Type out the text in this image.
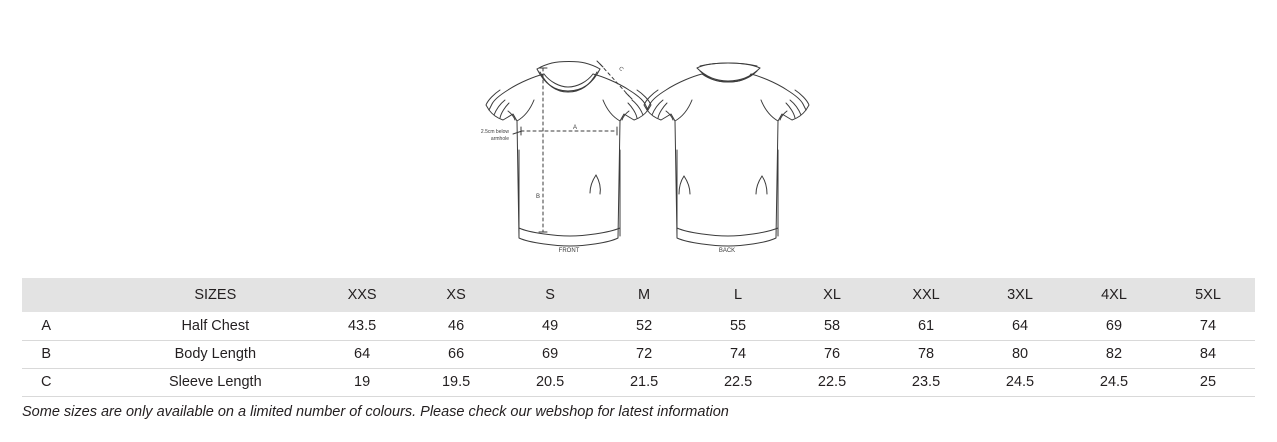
A
B
C
2.5cm below
armhole
FRONT	BACK
	SIZES	XXS	XS	S	M	L	XL	XXL	3XL	4XL	5XL
A	Half Chest	43.5	46	49	52	55	58	61	64	69	74
B	Body Length	64	66	69	72	74	76	78	80	82	84
C	Sleeve Length	19	19.5	20.5	21.5	22.5	22.5	23.5	24.5	24.5	25
Some sizes are only available on a limited number of colours. Please check our webshop for latest information
